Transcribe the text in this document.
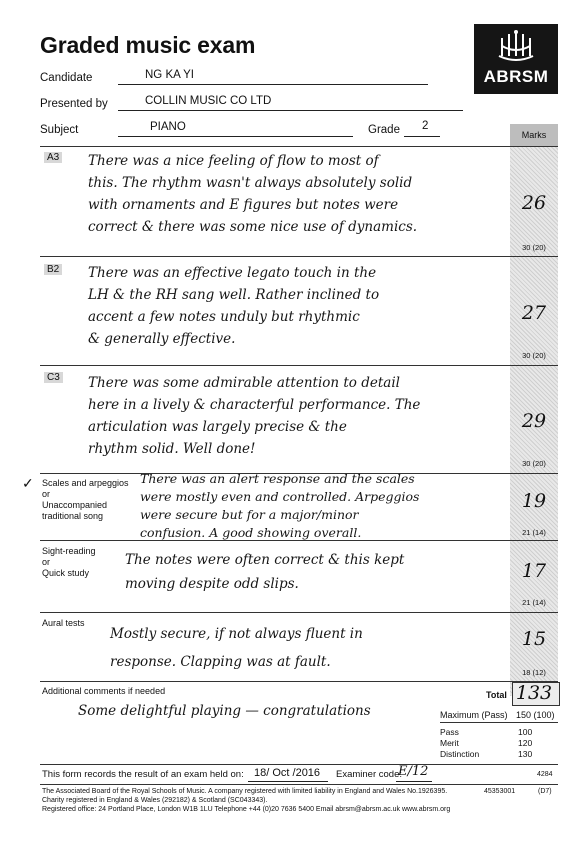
Graded music exam
ABRSM
Candidate	NG KA YI
Presented by	COLLIN MUSIC CO LTD
Subject	PIANO	Grade 2
Marks
A3 There was a nice feeling of flow to most of
this. The rhythm wasn't always absolutely solid
with ornaments and E figures but notes were
correct & there was some nice use of dynamics.
26
30 (20)
B2 There was an effective legato touch in the
LH & the RH sang well. Rather inclined to
accent a few notes unduly but rhythmic
& generally effective.
27
30 (20)
C3 There was some admirable attention to detail
here in a lively & characterful performance. The
articulation was largely precise & the
rhythm solid. Well done!
29
30 (20)
✓ Scales and arpeggios
or
Unaccompanied
traditional song
There was an alert response and the scales
were mostly even and controlled. Arpeggios
were secure but for a major/minor
confusion. A good showing overall.
19
21 (14)
Sight-reading
or
Quick study
The notes were often correct & this kept
moving despite odd slips.
17
21 (14)
Aural tests
Mostly secure, if not always fluent in
response. Clapping was at fault.
15
18 (12)
Additional comments if needed
Some delightful playing — congratulations
Total 133
Maximum (Pass) 150 (100)
Pass	100
Merit	120
Distinction	130
This form records the result of an exam held on: 18/ Oct /2016 Examiner code:
E/12	4284
The Associated Board of the Royal Schools of Music. A company registered with limited liability in England and Wales No.1926395.
Charity registered in England & Wales (292182) & Scotland (SC043343).
Registered office: 24 Portland Place, London W1B 1LU Telephone +44 (0)20 7636 5400 Email abrsm@abrsm.ac.uk www.abrsm.org
45353001	(D7)
